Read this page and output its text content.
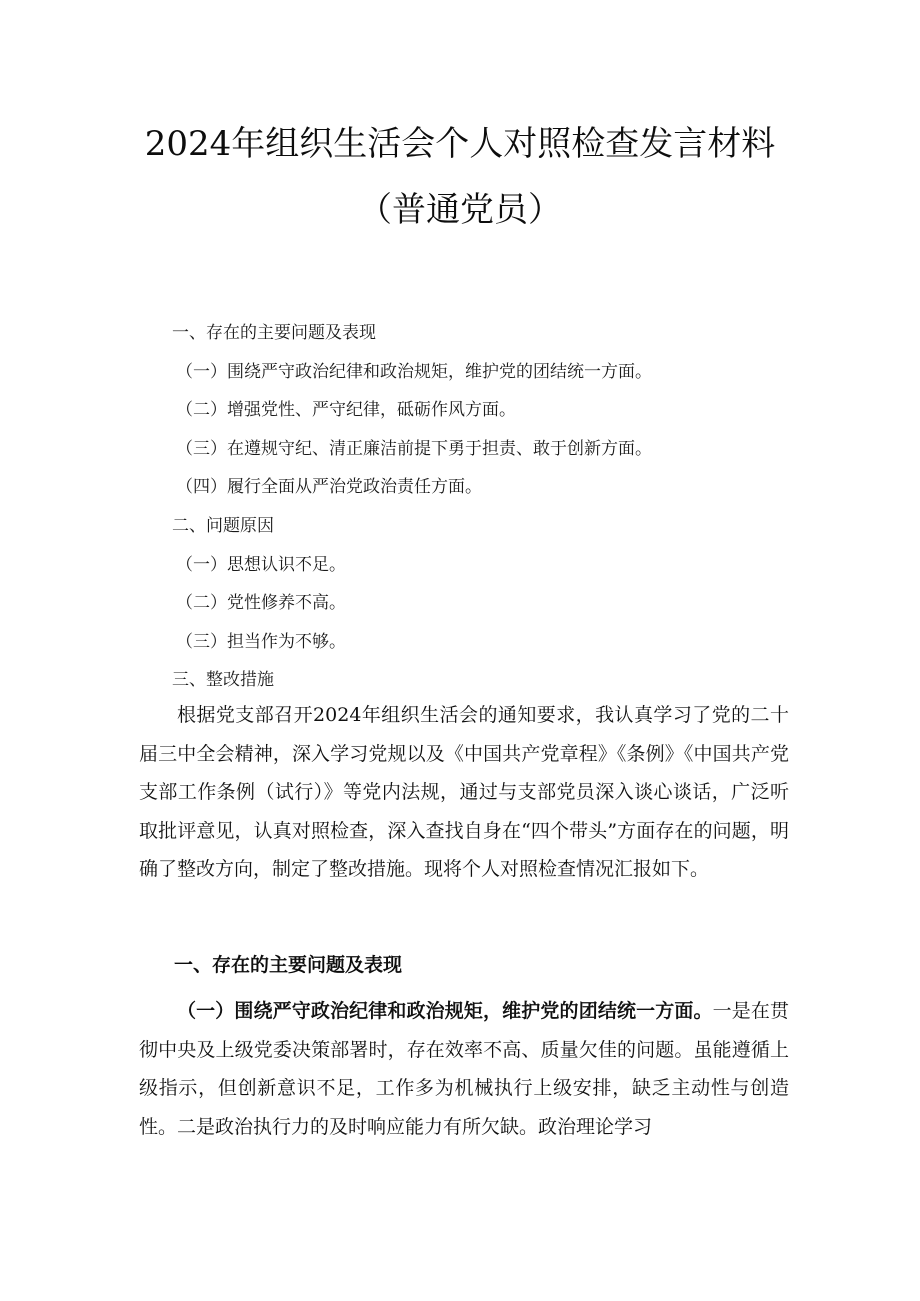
2024年组织生活会个人对照检查发言材料
（普通党员）
一、存在的主要问题及表现
（一）围绕严守政治纪律和政治规矩，维护党的团结统一方面。
（二）增强党性、严守纪律，砥砺作风方面。
（三）在遵规守纪、清正廉洁前提下勇于担责、敢于创新方面。
（四）履行全面从严治党政治责任方面。
二、问题原因
（一）思想认识不足。
（二）党性修养不高。
（三）担当作为不够。
三、整改措施

根据党支部召开2024年组织生活会的通知要求，我认真学习了党的二十届三中全会精神，深入学习党规以及《中国共产党章程》《条例》《中国共产党支部工作条例（试行）》等党内法规，通过与支部党员深入谈心谈话，广泛听取批评意见，认真对照检查，深入查找自身在“四个带头”方面存在的问题，明确了整改方向，制定了整改措施。现将个人对照检查情况汇报如下。

一、存在的主要问题及表现

（一）围绕严守政治纪律和政治规矩，维护党的团结统一方面。一是在贯彻中央及上级党委决策部署时，存在效率不高、质量欠佳的问题。虽能遵循上级指示，但创新意识不足，工作多为机械执行上级安排，缺乏主动性与创造性。二是政治执行力的及时响应能力有所欠缺。政治理论学习
